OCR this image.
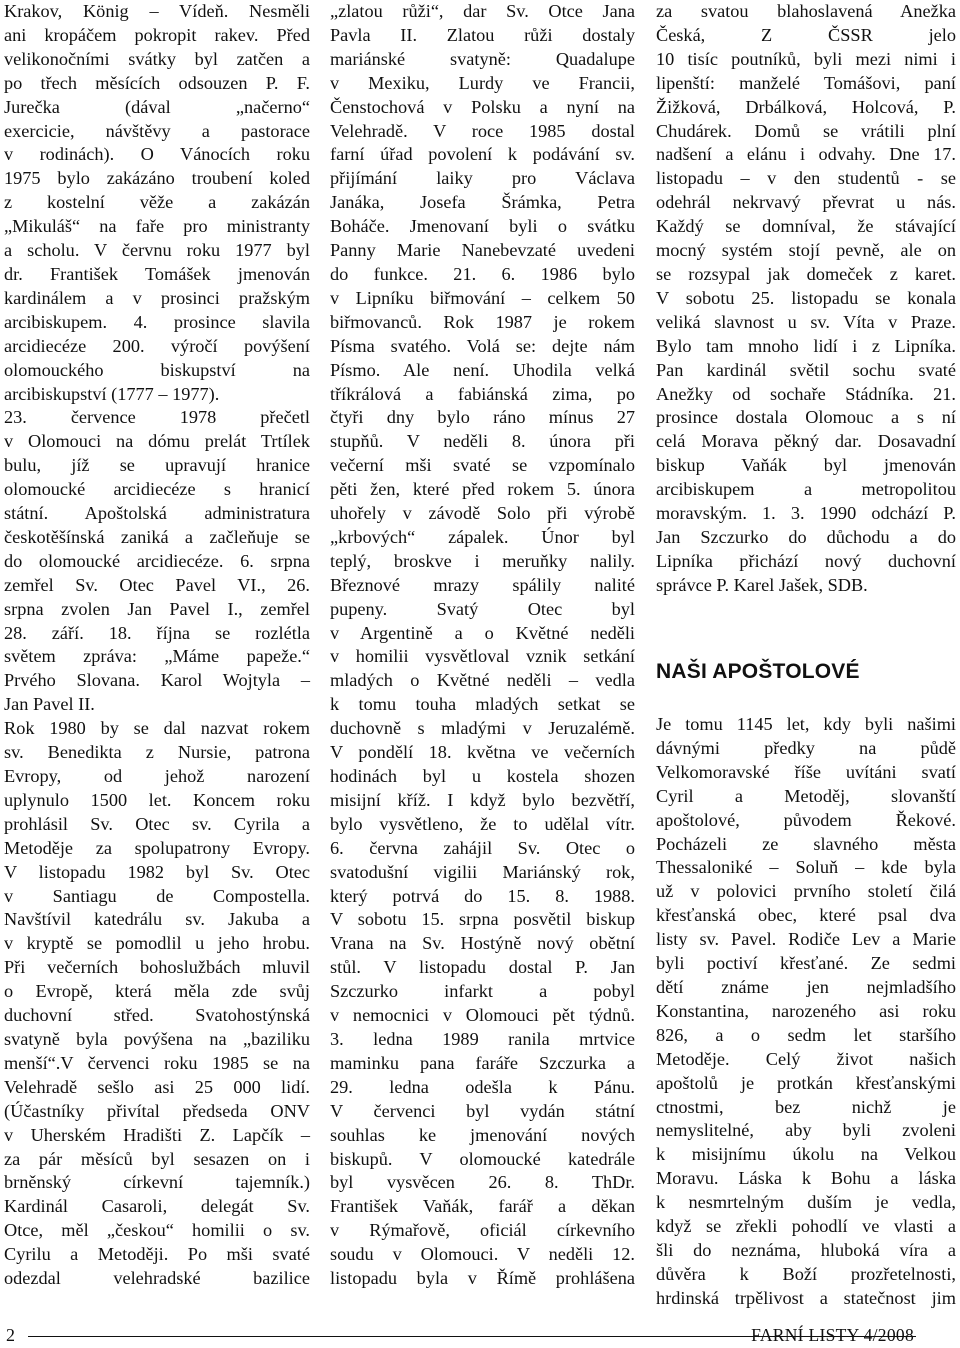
Krakov, König – Vídeň. Nesměli
ani kropáčem pokropit rakev. Před
velikonočními svátky byl zatčen a
po třech měsících odsouzen P. F.
Jurečka (dával „načerno“
exercicie, návštěvy a pastorace
v rodinách). O Vánocích roku
1975 bylo zakázáno troubení koled
z kostelní věže a zakázán
„Mikuláš“ na faře pro ministranty
a scholu. V červnu roku 1977 byl
dr. František Tomášek jmenován
kardinálem a v prosinci pražským
arcibiskupem. 4. prosince slavila
arcidiecéze 200. výročí povýšení
olomouckého biskupství na
arcibiskupství (1777 – 1977).
23. července 1978 přečetl
v Olomouci na dómu prelát Trtílek
bulu, jíž se upravují hranice
olomoucké arcidiecéze s hranicí
státní. Apoštolská administratura
českotěšínská zaniká a začleňuje se
do olomoucké arcidiecéze. 6. srpna
zemřel Sv. Otec Pavel VI., 26.
srpna zvolen Jan Pavel I., zemřel
28. září. 18. října se rozlétla
světem zpráva: „Máme papeže.“
Prvého Slovana. Karol Wojtyla –
Jan Pavel II.
Rok 1980 by se dal nazvat rokem
sv. Benedikta z Nursie, patrona
Evropy, od jehož narození
uplynulo 1500 let. Koncem roku
prohlásil Sv. Otec sv. Cyrila a
Metoděje za spolupatrony Evropy.
V listopadu 1982 byl Sv. Otec
v Santiagu de Compostella.
Navštívil katedrálu sv. Jakuba a
v kryptě se pomodlil u jeho hrobu.
Při večerních bohoslužbách mluvil
o Evropě, která měla zde svůj
duchovní střed. Svatohostýnská
svatyně byla povýšena na „baziliku
menší“.V červenci roku 1985 se na
Velehradě sešlo asi 25 000 lidí.
(Účastníky přivítal předseda ONV
v Uherském Hradišti Z. Lapčík –
za pár měsíců byl sesazen on i
brněnský církevní tajemník.)
Kardinál Casaroli, delegát Sv.
Otce, měl „českou“ homilii o sv.
Cyrilu a Metoději. Po mši svaté
odezdal velehradské bazilice
„zlatou růži“, dar Sv. Otce Jana
Pavla II. Zlatou růži dostaly
mariánské svatyně: Quadalupe
v Mexiku, Lurdy ve Francii,
Čenstochová v Polsku a nyní na
Velehradě. V roce 1985 dostal
farní úřad povolení k podávání sv.
přijímání laiky pro Václava
Janáka, Josefa Šrámka, Petra
Boháče. Jmenovaní byli o svátku
Panny Marie Nanebevzaté uvedeni
do funkce. 21. 6. 1986 bylo
v Lipníku biřmování – celkem 50
biřmovanců. Rok 1987 je rokem
Písma svatého. Volá se: dejte nám
Písmo. Ale není. Uhodila velká
tříkrálová a fabiánská zima, po
čtyři dny bylo ráno mínus 27
stupňů. V neděli 8. února při
večerní mši svaté se vzpomínalo
pěti žen, které před rokem 5. února
uhořely v závodě Solo při výrobě
„krbových“ zápalek. Únor byl
teplý, broskve i meruňky nalily.
Březnové mrazy spálily nalité
pupeny. Svatý Otec byl
v Argentině a o Květné neděli
v homilii vysvětloval vznik setkání
mladých o Květné neděli – vedla
k tomu touha mladých setkat se
duchovně s mladými v Jeruzalémě.
V pondělí 18. května ve večerních
hodinách byl u kostela shozen
misijní kříž. I když bylo bezvětří,
bylo vysvětleno, že to udělal vítr.
6. června zahájil Sv. Otec o
svatodušní vigilii Mariánský rok,
který potrvá do 15. 8. 1988.
V sobotu 15. srpna posvětil biskup
Vrana na Sv. Hostýně nový obětní
stůl. V listopadu dostal P. Jan
Szczurko infarkt a pobyl
v nemocnici v Olomouci pět týdnů.
3. ledna 1989 ranila mrtvice
maminku pana faráře Szczurka a
29. ledna odešla k Pánu.
V červenci byl vydán státní
souhlas ke jmenování nových
biskupů. V olomoucké katedrále
byl vysvěcen 26. 8. ThDr.
František Vaňák, farář a děkan
v Rýmařově, oficiál církevního
soudu v Olomouci. V neděli 12.
listopadu byla v Římě prohlášena
za svatou blahoslavená Anežka
Česká, Z ČSSR jelo
10 tisíc poutníků, byli mezi nimi i
lipenští: manželé Tomášovi, paní
Žižková, Drbálková, Holcová, P.
Chudárek. Domů se vrátili plní
nadšení a elánu i odvahy. Dne 17.
listopadu – v den studentů - se
odehrál nekrvavý převrat u nás.
Každý se domníval, že stávající
mocný systém stojí pevně, ale on
se rozsypal jak domeček z karet.
V sobotu 25. listopadu se konala
veliká slavnost u sv. Víta v Praze.
Bylo tam mnoho lidí i z Lipníka.
Pan kardinál světil sochu svaté
Anežky od sochaře Stádníka. 21.
prosince dostala Olomouc a s ní
celá Morava pěkný dar. Dosavadní
biskup Vaňák byl jmenován
arcibiskupem a metropolitou
moravským. 1. 3. 1990 odchází P.
Jan Szczurko do důchodu a do
Lipníka přichází nový duchovní
správce P. Karel Jašek, SDB.
Je tomu 1145 let, kdy byli našimi
dávnými předky na půdě
Velkomoravské říše uvítáni svatí
Cyril a Metoděj, slovanští
apoštolové, původem Řekové.
Pocházeli ze slavného města
Thessaloniké – Soluň – kde byla
už v polovici prvního století čilá
křesťanská obec, které psal dva
listy sv. Pavel. Rodiče Lev a Marie
byli poctiví křesťané. Ze sedmi
dětí známe jen nejmladšího
Konstantina, narozeného asi roku
826, a o sedm let staršího
Metoděje. Celý život našich
apoštolů je protkán křesťanskými
ctnostmi, bez nichž je
nemyslitelné, aby byli zvoleni
k misijnímu úkolu na Velkou
Moravu. Láska k Bohu a láska
k nesmrtelným duším je vedla,
když se zřekli pohodlí ve vlasti a
šli do neznáma, hluboká víra a
důvěra k Boží prozřetelnosti,
hrdinská trpělivost a statečnost jim
NAŠI APOŠTOLOVÉ
2	FARNÍ LISTY 4/2008
